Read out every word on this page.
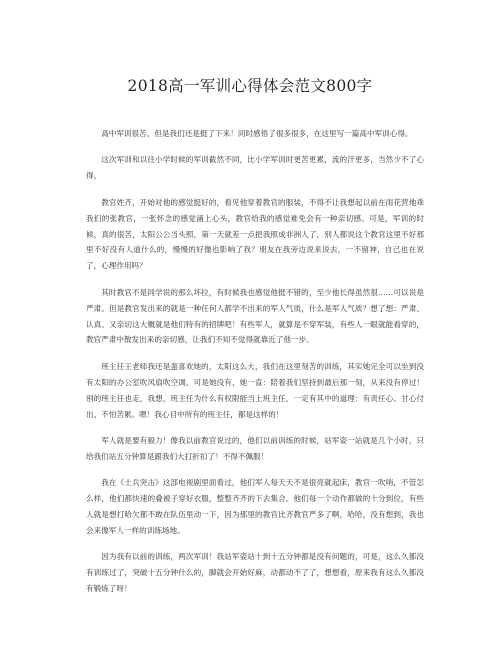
2018高一军训心得体会范文800字

高中军训很苦，但是我们还是挺了下来！同时感悟了很多很多，在这里写一篇高中军训心得。

这次军训和以往小学时候的军训截然不同，比小学军训时更苦更累，流的汗更多，当然少不了心得。

教官姓齐，开始对他的感觉挺好的，看见他穿着教官的服装，不得不让我想起以前在雨花营地乖我们的张教官，一张怀念的感觉涌上心头，教官给我的感觉难免会有一种亲切感。可是，军训的时候，真的很苦，太阳公公当头照，第一天就差一点把我照成非洲人了，别人都说这个教官这里不好那里不好没有人道什么的，慢慢的好像也影响了我？朋友在我旁边说来说去，一不留神，自己也在说了，心理作用吗？

其时教官不是同学说的那么坏拉，有时候我也感觉他挺不错的，至少他长得虽然很……可以说是严肃。但是教官发出来的就是一种任何人都学不出来的军人气质，什么是军人气质？想了想：严肃、认真、又亲切这大概就是他们特有的招牌吧！有些军人，就算是不穿军装，有些人一眼就能看穿的，教官严肃中散发出来的亲切感，让我们不知不觉得就靠近了他一步。

班主任王老师我还是蛮喜欢她的，太阳这么大，我们在这里刻苦的训练，其实她完全可以坐到没有太阳的办公室吹风扇吹空调，可是她没有，她一直：陪着我们坚持到最后那一刻，从来没有停过！别的班主任也走，我想，班主任为什么有权限能当上班主任，一定有其中的道理：有责任心、甘心付出、不怕苦累。嗯！我心目中所有的班主任，都是这样的！

军人就是要有毅力！像我以前教官说过的，他们以前训练的时候，站军姿一站就是几个小时，只给我们站五分钟算是跟我们大打折扣了！不得不佩服！

我在《士兵突击》这部电视剧里面看过，他们军人每天天不是很亮就起床，教官一吹哨，不管怎么样，他们都快速的叠被子穿好衣服，整整齐齐的下去集合。他们每一个动作都做的十分到位，有些人就是想打哈欠都不敢在队伍里动一下，因为那里的教官比齐教官严多了啊，哈哈，没有想到，我也会来像军人一样的训练场地。

因为我有以前的训练，两次军训！我站军姿站十到十五分钟都是没有问题的，可是，这么久都没有训练过了，突破十五分钟什么的，脚就会开始好麻，动都动不了了，想想看，原来我有这么久都没有锻炼了呀！
